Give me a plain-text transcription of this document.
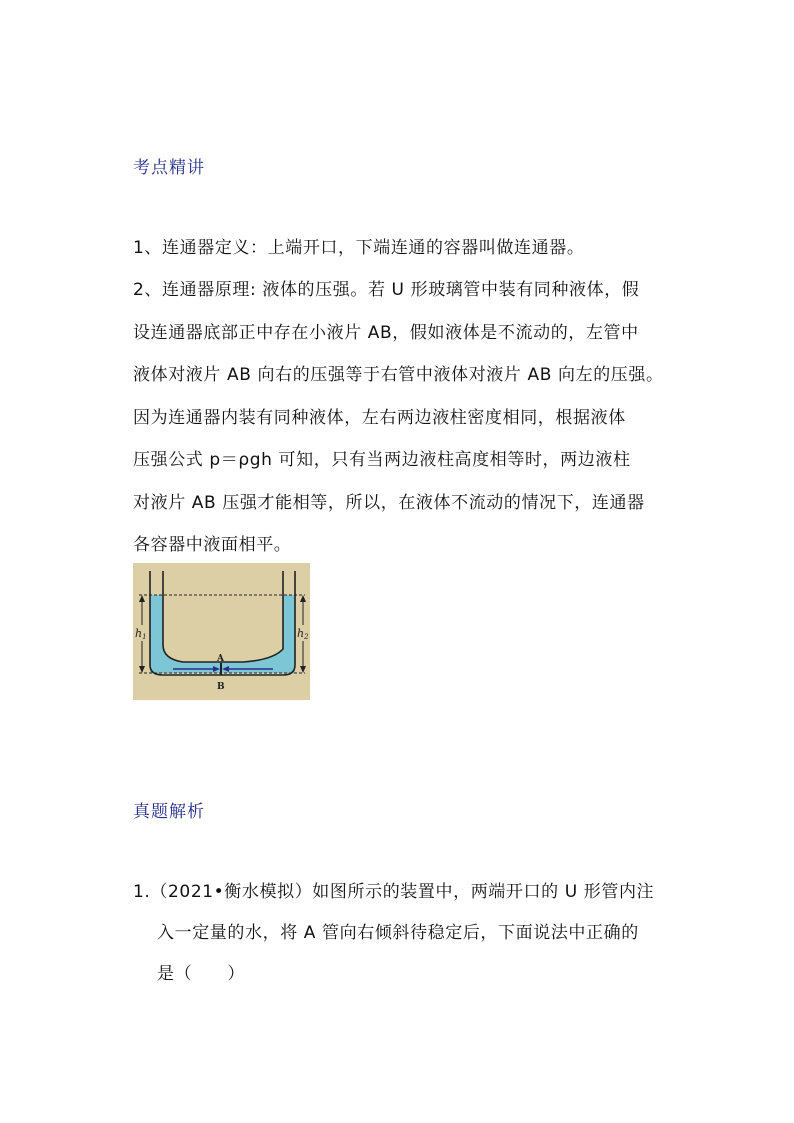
考点精讲
1、连通器定义：上端开口，下端连通的容器叫做连通器。
2、连通器原理: 液体的压强。若 U 形玻璃管中装有同种液体，假
设连通器底部正中存在小液片 AB，假如液体是不流动的，左管中
液体对液片 AB 向右的压强等于右管中液体对液片 AB 向左的压强。
因为连通器内装有同种液体，左右两边液柱密度相同，根据液体
压强公式 p＝ρgh 可知，只有当两边液柱高度相等时，两边液柱
对液片 AB 压强才能相等，所以，在液体不流动的情况下，连通器
各容器中液面相平。
h1	h2
A
B
真题解析
1.（2021•衡水模拟）如图所示的装置中，两端开口的 U 形管内注
入一定量的水，将 A 管向右倾斜待稳定后，下面说法中正确的
是（　　）
